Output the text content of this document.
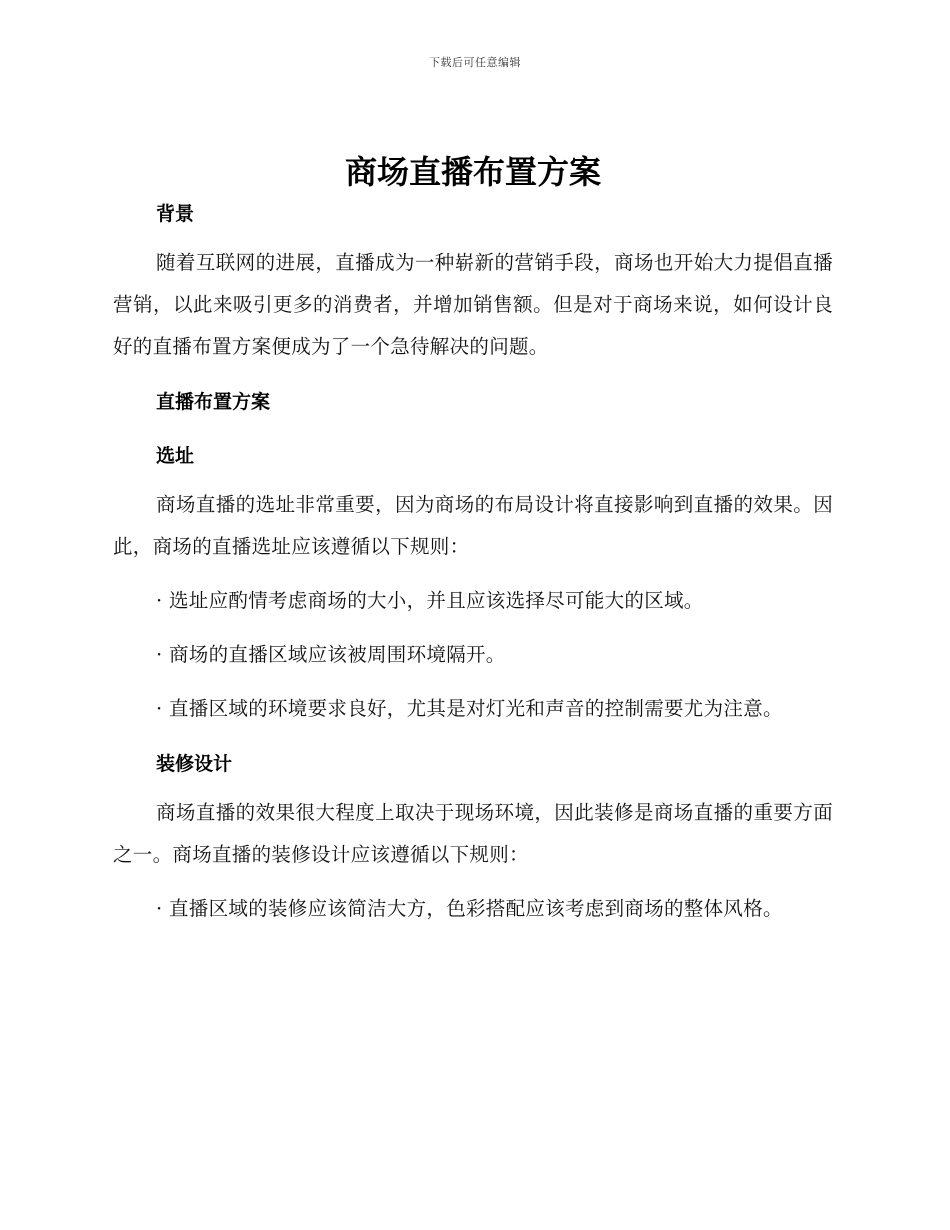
下载后可任意编辑
商场直播布置方案
背景

随着互联网的进展，直播成为一种崭新的营销手段，商场也开始大力提倡直播营销，以此来吸引更多的消费者，并增加销售额。但是对于商场来说，如何设计良好的直播布置方案便成为了一个急待解决的问题。

直播布置方案
选址

商场直播的选址非常重要，因为商场的布局设计将直接影响到直播的效果。因此，商场的直播选址应该遵循以下规则：

· 选址应酌情考虑商场的大小，并且应该选择尽可能大的区域。

· 商场的直播区域应该被周围环境隔开。

· 直播区域的环境要求良好，尤其是对灯光和声音的控制需要尤为注意。

装修设计

商场直播的效果很大程度上取决于现场环境，因此装修是商场直播的重要方面之一。商场直播的装修设计应该遵循以下规则：

· 直播区域的装修应该简洁大方，色彩搭配应该考虑到商场的整体风格。
